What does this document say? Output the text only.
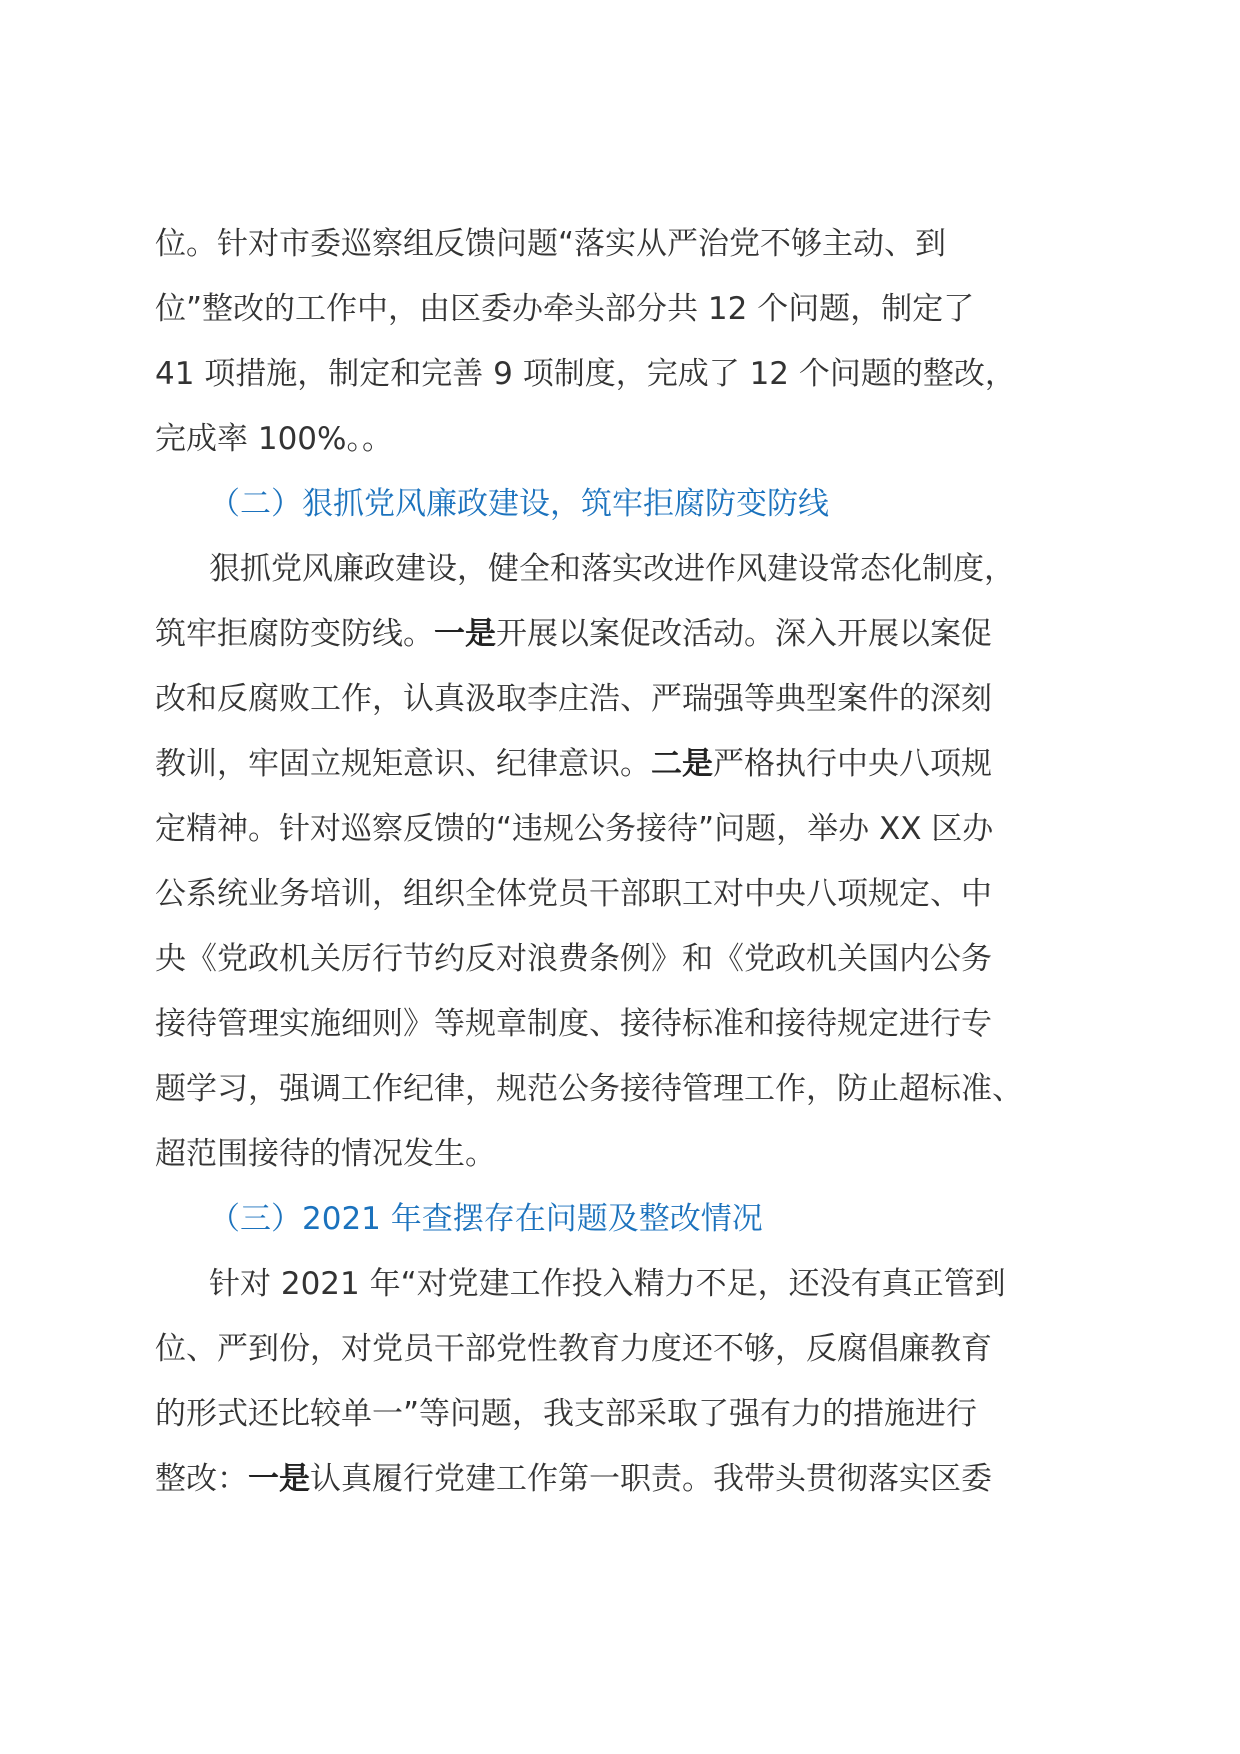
位。针对市委巡察组反馈问题“落实从严治党不够主动、到
位”整改的工作中，由区委办牵头部分共 12 个问题，制定了
41 项措施，制定和完善 9 项制度，完成了 12 个问题的整改，
完成率 100%。。
（二）狠抓党风廉政建设，筑牢拒腐防变防线
狠抓党风廉政建设，健全和落实改进作风建设常态化制度，
筑牢拒腐防变防线。一是开展以案促改活动。深入开展以案促
改和反腐败工作，认真汲取李庄浩、严瑞强等典型案件的深刻
教训，牢固立规矩意识、纪律意识。二是严格执行中央八项规
定精神。针对巡察反馈的“违规公务接待”问题，举办 XX 区办
公系统业务培训，组织全体党员干部职工对中央八项规定、中
央《党政机关厉行节约反对浪费条例》和《党政机关国内公务
接待管理实施细则》等规章制度、接待标准和接待规定进行专
题学习，强调工作纪律，规范公务接待管理工作，防止超标准、
超范围接待的情况发生。
（三）2021 年查摆存在问题及整改情况
针对 2021 年“对党建工作投入精力不足，还没有真正管到
位、严到份，对党员干部党性教育力度还不够，反腐倡廉教育
的形式还比较单一”等问题，我支部采取了强有力的措施进行
整改：一是认真履行党建工作第一职责。我带头贯彻落实区委
